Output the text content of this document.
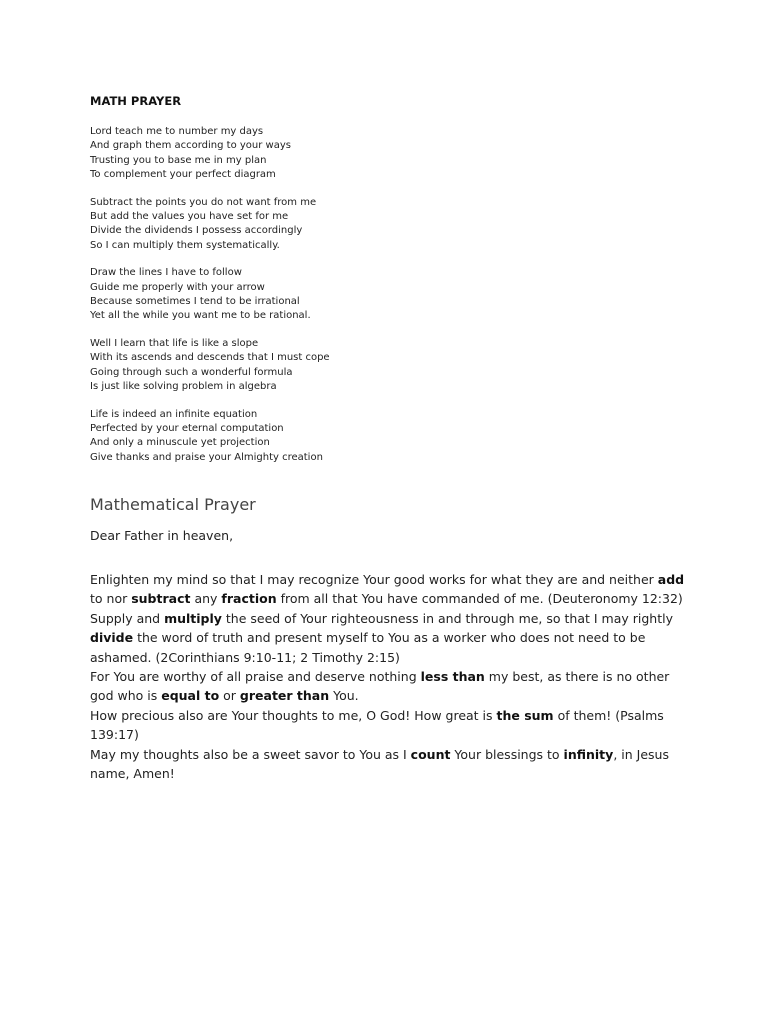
MATH PRAYER
Lord teach me to number my days
And graph them according to your ways
Trusting you to base me in my plan
To complement your perfect diagram
Subtract the points you do not want from me
But add the values you have set for me
Divide the dividends I possess accordingly
So I can multiply them systematically.
Draw the lines I have to follow
Guide me properly with your arrow
Because sometimes I tend to be irrational
Yet all the while you want me to be rational.
Well I learn that life is like a slope
With its ascends and descends that I must cope
Going through such a wonderful formula
Is just like solving problem in algebra
Life is indeed an infinite equation
Perfected by your eternal computation
And only a minuscule yet projection
Give thanks and praise your Almighty creation
Mathematical Prayer
Dear Father in heaven,

Enlighten my mind so that I may recognize Your good works for what they are and neither add to nor subtract any fraction from all that You have commanded of me. (Deuteronomy 12:32)

Supply and multiply the seed of Your righteousness in and through me, so that I may rightly divide the word of truth and present myself to You as a worker who does not need to be ashamed. (2Corinthians 9:10-11; 2 Timothy 2:15)

For You are worthy of all praise and deserve nothing less than my best, as there is no other god who is equal to or greater than You.

How precious also are Your thoughts to me, O God! How great is the sum of them! (Psalms 139:17)

May my thoughts also be a sweet savor to You as I count Your blessings to infinity, in Jesus name, Amen!
